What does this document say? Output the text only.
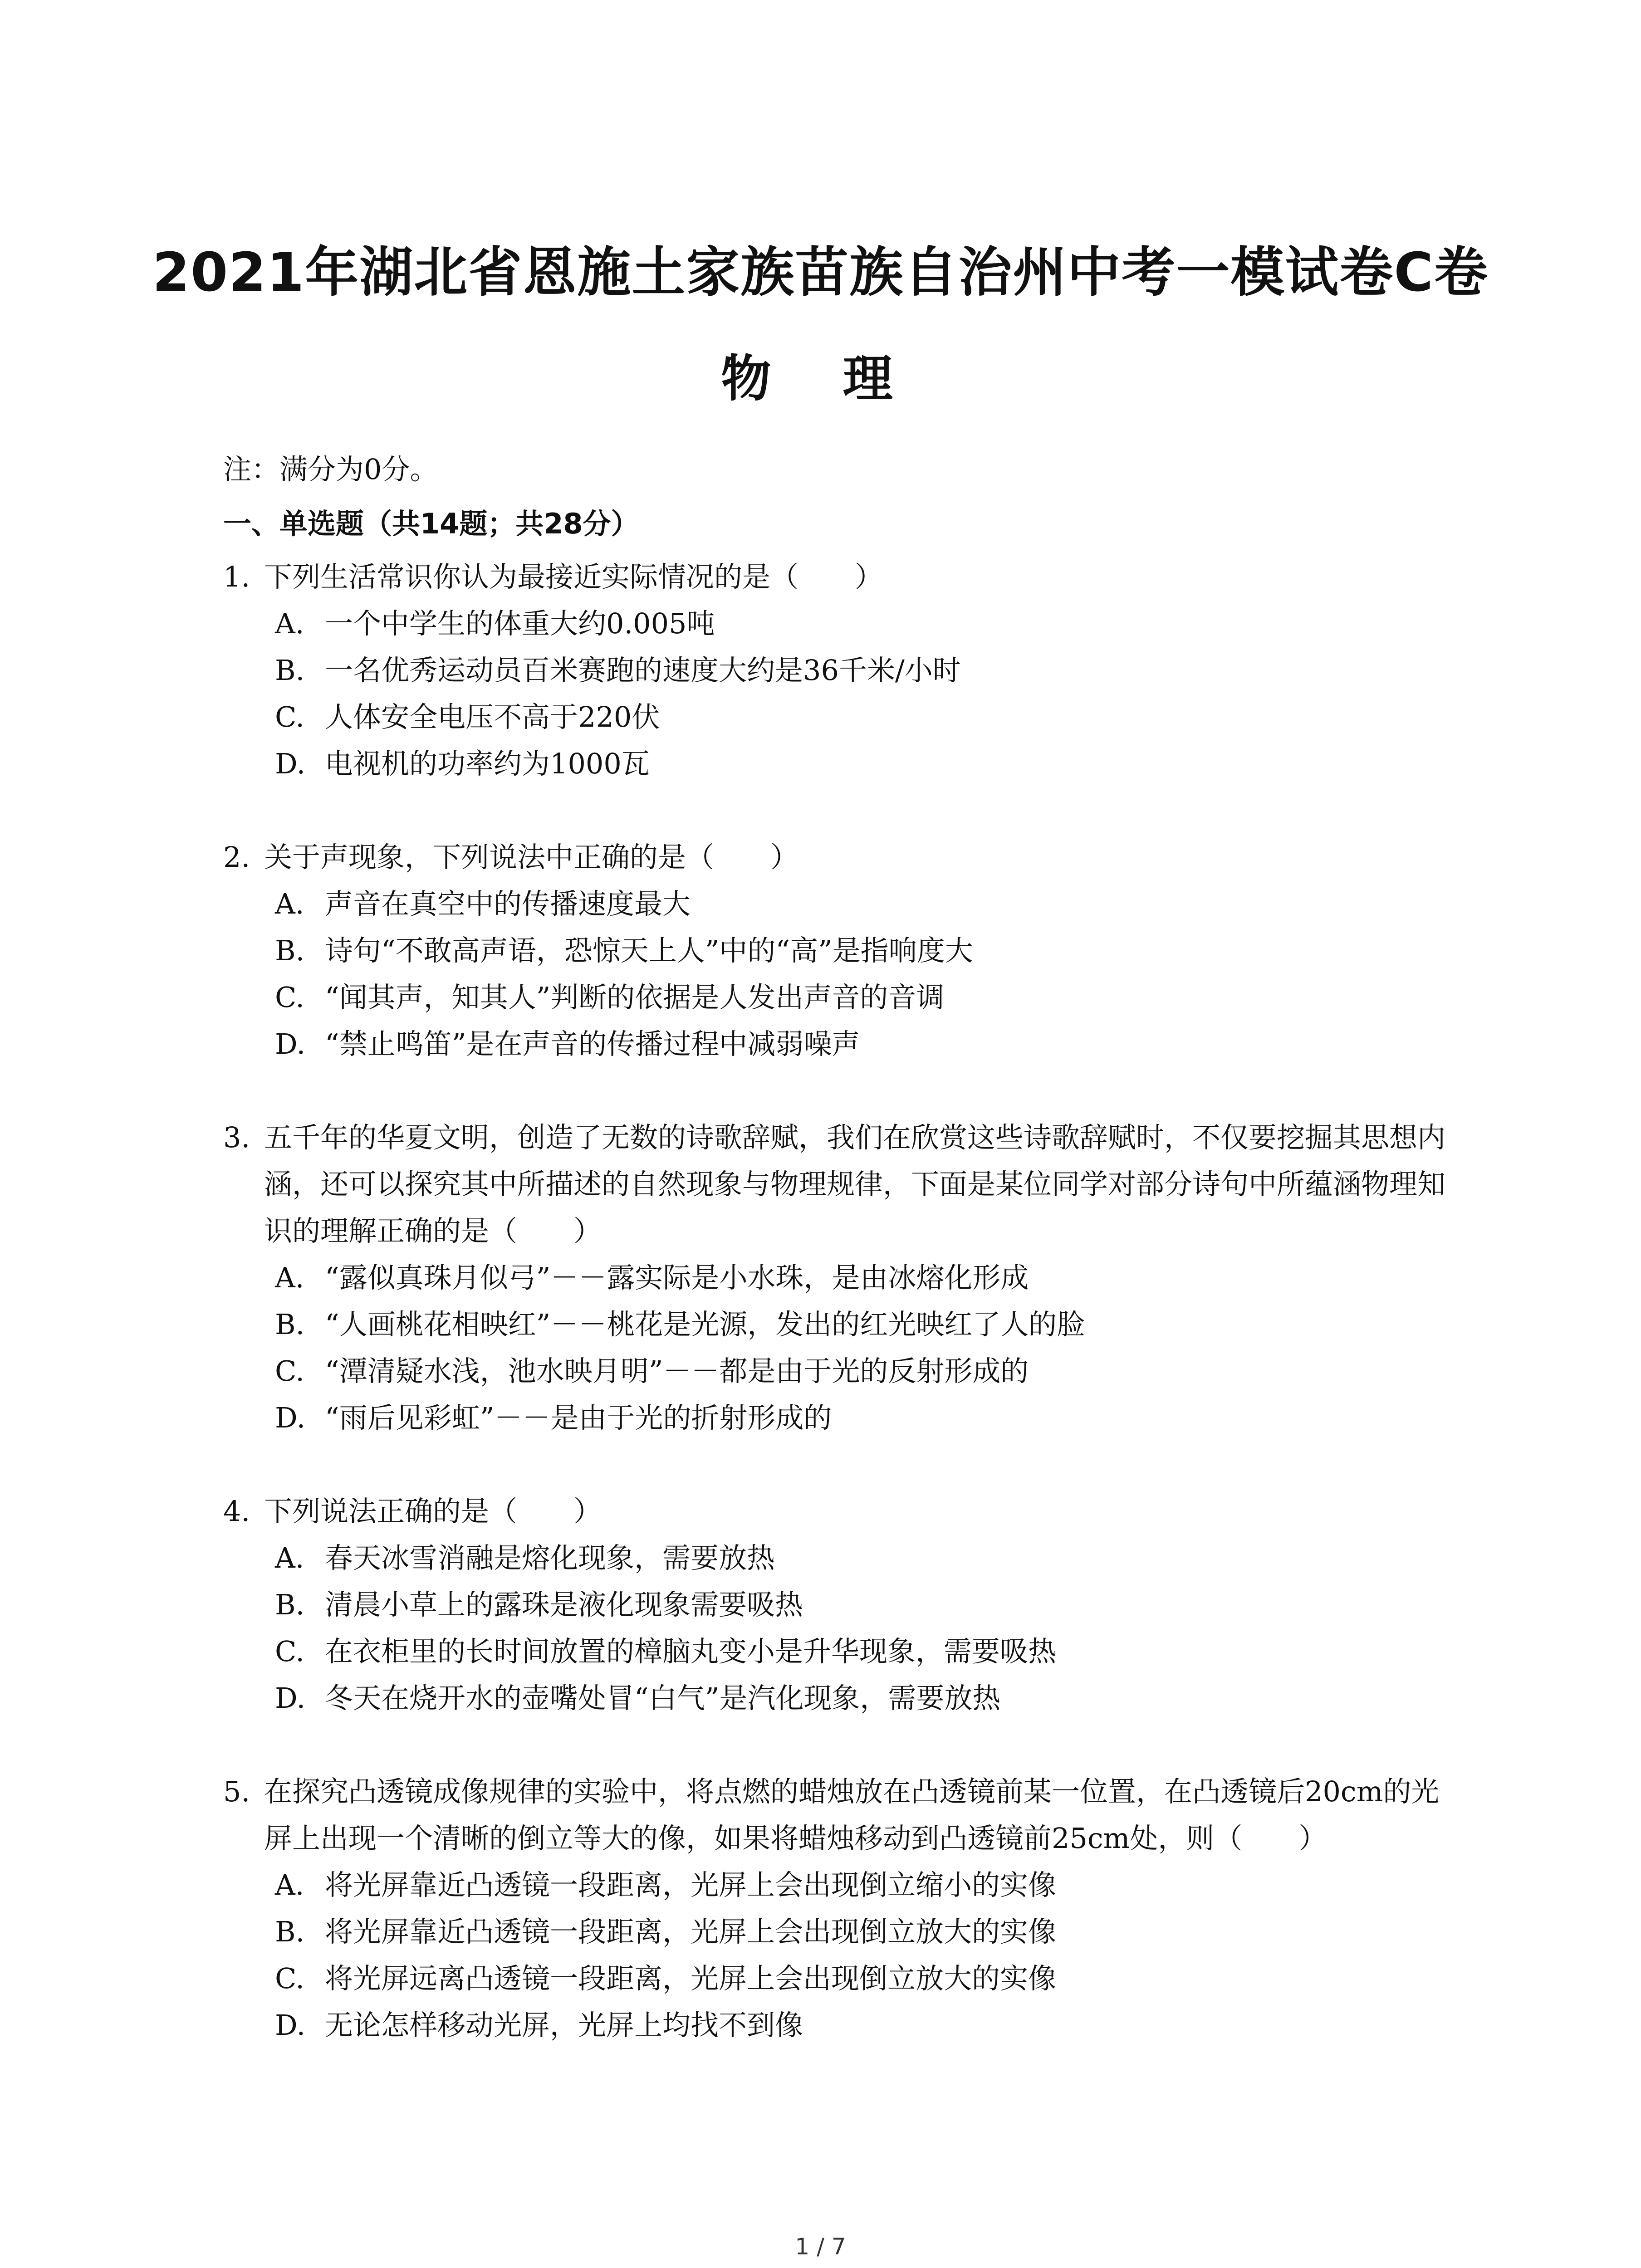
2021年湖北省恩施土家族苗族自治州中考一模试卷C卷
物 理
注：满分为0分。
一、单选题（共14题；共28分）
1. 下列生活常识你认为最接近实际情况的是（　　）
A. 一个中学生的体重大约0.005吨
B. 一名优秀运动员百米赛跑的速度大约是36千米/小时
C. 人体安全电压不高于220伏
D. 电视机的功率约为1000瓦
2. 关于声现象，下列说法中正确的是（　　）
A. 声音在真空中的传播速度最大
B. 诗句“不敢高声语，恐惊天上人”中的“高”是指响度大
C. “闻其声，知其人”判断的依据是人发出声音的音调
D. “禁止鸣笛”是在声音的传播过程中减弱噪声
3. 五千年的华夏文明，创造了无数的诗歌辞赋，我们在欣赏这些诗歌辞赋时，不仅要挖掘其思想内涵，还可以探究其中所描述的自然现象与物理规律，下面是某位同学对部分诗句中所蕴涵物理知识的理解正确的是（　　）
A. “露似真珠月似弓”－－露实际是小水珠，是由冰熔化形成
B. “人画桃花相映红”－－桃花是光源，发出的红光映红了人的脸
C. “潭清疑水浅，池水映月明”－－都是由于光的反射形成的
D. “雨后见彩虹”－－是由于光的折射形成的
4. 下列说法正确的是（　　）
A. 春天冰雪消融是熔化现象，需要放热
B. 清晨小草上的露珠是液化现象需要吸热
C. 在衣柜里的长时间放置的樟脑丸变小是升华现象，需要吸热
D. 冬天在烧开水的壶嘴处冒“白气”是汽化现象，需要放热
5. 在探究凸透镜成像规律的实验中，将点燃的蜡烛放在凸透镜前某一位置，在凸透镜后20cm的光屏上出现一个清晰的倒立等大的像，如果将蜡烛移动到凸透镜前25cm处，则（　　）
A. 将光屏靠近凸透镜一段距离，光屏上会出现倒立缩小的实像
B. 将光屏靠近凸透镜一段距离，光屏上会出现倒立放大的实像
C. 将光屏远离凸透镜一段距离，光屏上会出现倒立放大的实像
D. 无论怎样移动光屏，光屏上均找不到像
1 / 7
